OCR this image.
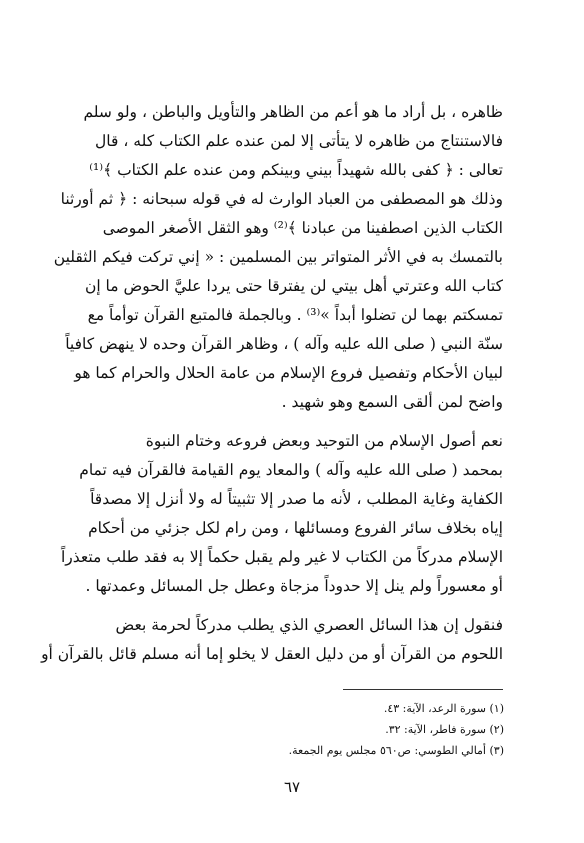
ظاهره ، بل أراد ما هو أعم من الظاهر والتأويل والباطن ، ولو سلم
فالاستنتاج من ظاهره لا يتأتى إلا لمن عنده علم الكتاب كله ، قال
تعالى : ﴿ كفى بالله شهيداً بيني وبينكم ومن عنده علم الكتاب ﴾⁽¹⁾
وذلك هو المصطفى من العباد الوارث له في قوله سبحانه : ﴿ ثم أورثنا
الكتاب الذين اصطفينا من عبادنا ﴾⁽²⁾ وهو الثقل الأصغر الموصى
بالتمسك به في الأثر المتواتر بين المسلمين : « إني تركت فيكم الثقلين
كتاب الله وعترتي أهل بيتي لن يفترقا حتى يردا عليَّ الحوض ما إن
تمسكتم بهما لن تضلوا أبداً »⁽³⁾ . وبالجملة فالمتبع القرآن توأماً مع
سنّة النبي ( صلى الله عليه وآله ) ، وظاهر القرآن وحده لا ينهض كافياً
لبيان الأحكام وتفصيل فروع الإسلام من عامة الحلال والحرام كما هو
واضح لمن ألقى السمع وهو شهيد .
نعم أصول الإسلام من التوحيد وبعض فروعه وختام النبوة
بمحمد ( صلى الله عليه وآله ) والمعاد يوم القيامة فالقرآن فيه تمام
الكفاية وغاية المطلب ، لأنه ما صدر إلا تثبيتاً له ولا أنزل إلا مصدقاً
إياه بخلاف سائر الفروع ومسائلها ، ومن رام لكل جزئي من أحكام
الإسلام مدركاً من الكتاب لا غير ولم يقبل حكماً إلا به فقد طلب متعذراً
أو معسوراً ولم ينل إلا حدوداً مزجاة وعطل جل المسائل وعمدتها .
فنقول إن هذا السائل العصري الذي يطلب مدركاً لحرمة بعض
اللحوم من القرآن أو من دليل العقل لا يخلو إما أنه مسلم قائل بالقرآن أو
(١) سورة الرعد، الآية: ٤٣.
(٢) سورة فاطر، الآية: ٣٢.
(٣) أمالي الطوسي: ص٥٦٠ مجلس يوم الجمعة.
٦٧
